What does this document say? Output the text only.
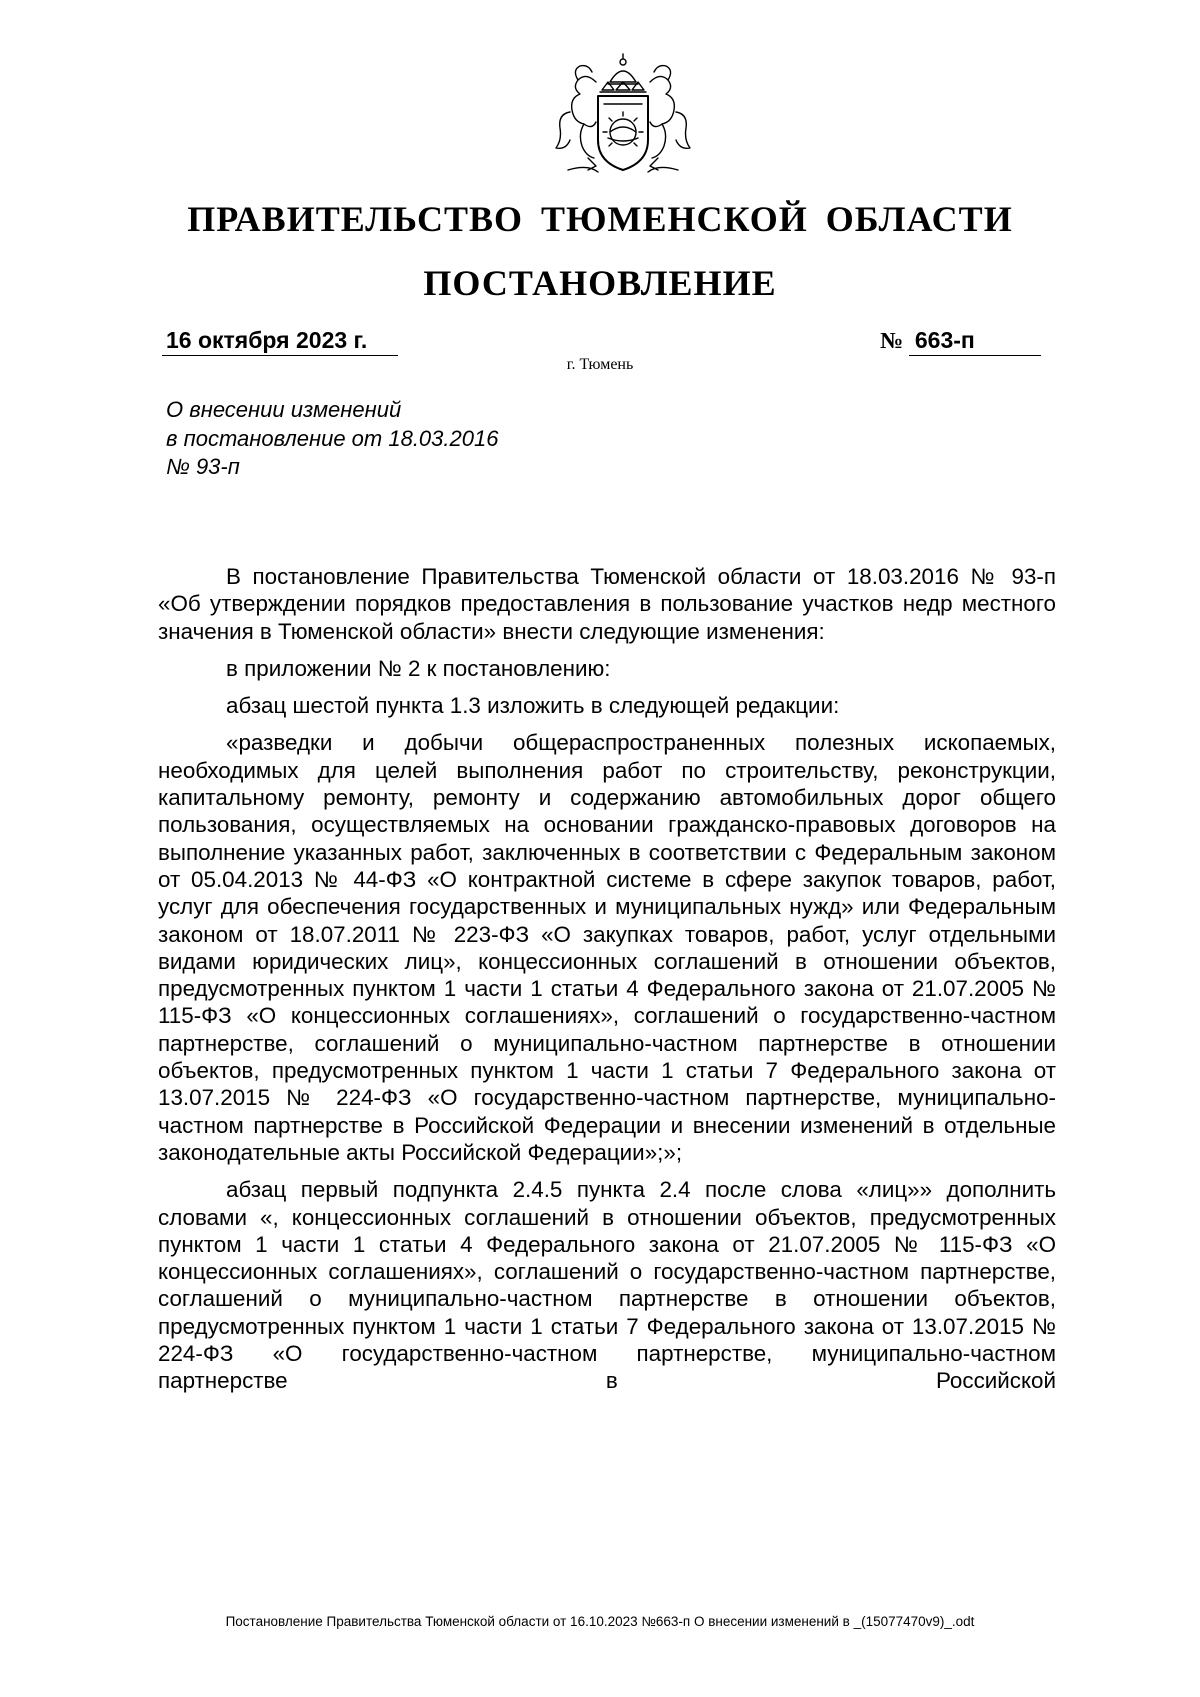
ПРАВИТЕЛЬСТВО ТЮМЕНСКОЙ ОБЛАСТИ
ПОСТАНОВЛЕНИЕ
16 октября 2023 г.	№ 663-п
г. Тюмень
О внесении изменений
в постановление от 18.03.2016
№ 93-п

В постановление Правительства Тюменской области от 18.03.2016 № 93-п «Об утверждении порядков предоставления в пользование участков недр местного значения в Тюменской области» внести следующие изменения:

в приложении № 2 к постановлению:

абзац шестой пункта 1.3 изложить в следующей редакции:

«разведки и добычи общераспространенных полезных ископаемых, необходимых для целей выполнения работ по строительству, реконструкции, капитальному ремонту, ремонту и содержанию автомобильных дорог общего пользования, осуществляемых на основании гражданско-правовых договоров на выполнение указанных работ, заключенных в соответствии с Федеральным законом от 05.04.2013 № 44-ФЗ «О контрактной системе в сфере закупок товаров, работ, услуг для обеспечения государственных и муниципальных нужд» или Федеральным законом от 18.07.2011 № 223-ФЗ «О закупках товаров, работ, услуг отдельными видами юридических лиц», концессионных соглашений в отношении объектов, предусмотренных пунктом 1 части 1 статьи 4 Федерального закона от 21.07.2005 № 115-ФЗ «О концессионных соглашениях», соглашений о государственно-частном партнерстве, соглашений о муниципально-частном партнерстве в отношении объектов, предусмотренных пунктом 1 части 1 статьи 7 Федерального закона от 13.07.2015 № 224-ФЗ «О государственно-частном партнерстве, муниципально-частном партнерстве в Российской Федерации и внесении изменений в отдельные законодательные акты Российской Федерации»;»;

абзац первый подпункта 2.4.5 пункта 2.4 после слова «лиц»» дополнить словами «, концессионных соглашений в отношении объектов, предусмотренных пунктом 1 части 1 статьи 4 Федерального закона от 21.07.2005 № 115-ФЗ «О концессионных соглашениях», соглашений о государственно-частном партнерстве, соглашений о муниципально-частном партнерстве в отношении объектов, предусмотренных пунктом 1 части 1 статьи 7 Федерального закона от 13.07.2015 № 224-ФЗ «О государственно-частном партнерстве, муниципально-частном партнерстве в Российской

Постановление Правительства Тюменской области от 16.10.2023 №663-п О внесении изменений в _(15077470v9)_.odt
